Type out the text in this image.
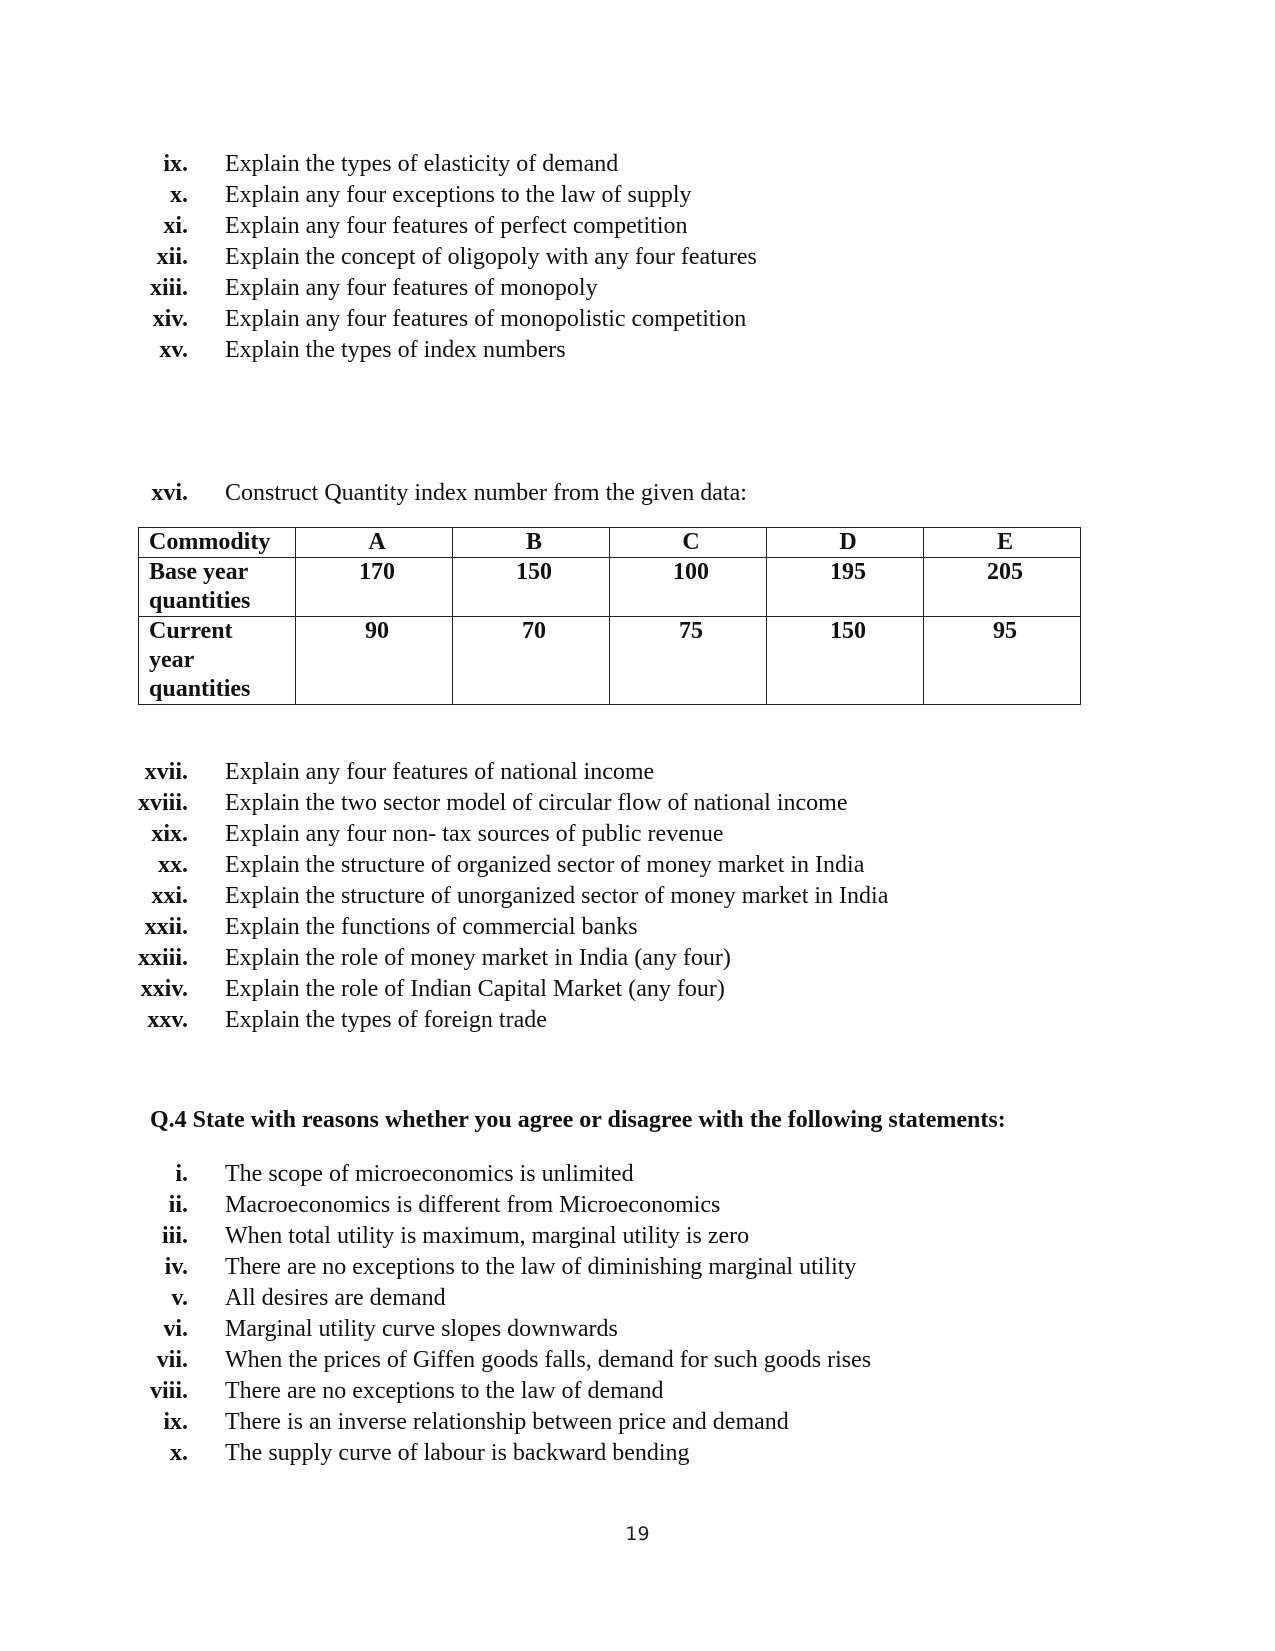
ix. Explain the types of elasticity of demand
x. Explain any four exceptions to the law of supply
xi. Explain any four features of perfect competition
xii. Explain the concept of oligopoly with any four features
xiii. Explain any four features of monopoly
xiv. Explain any four features of monopolistic competition
xv. Explain the types of index numbers
xvi. Construct Quantity index number from the given data:
Commodity	A	B	C	D	E
Base year
quantities	170	150	100	195	205
Current
year
quantities	90	70	75	150	95
xvii. Explain any four features of national income
xviii. Explain the two sector model of circular flow of national income
xix. Explain any four non- tax sources of public revenue
xx. Explain the structure of organized sector of money market in India
xxi. Explain the structure of unorganized sector of money market in India
xxii. Explain the functions of commercial banks
xxiii. Explain the role of money market in India (any four)
xxiv. Explain the role of Indian Capital Market (any four)
xxv. Explain the types of foreign trade
Q.4 State with reasons whether you agree or disagree with the following statements:
i. The scope of microeconomics is unlimited
ii. Macroeconomics is different from Microeconomics
iii. When total utility is maximum, marginal utility is zero
iv. There are no exceptions to the law of diminishing marginal utility
v. All desires are demand
vi. Marginal utility curve slopes downwards
vii. When the prices of Giffen goods falls, demand for such goods rises
viii. There are no exceptions to the law of demand
ix. There is an inverse relationship between price and demand
x. The supply curve of labour is backward bending
19
